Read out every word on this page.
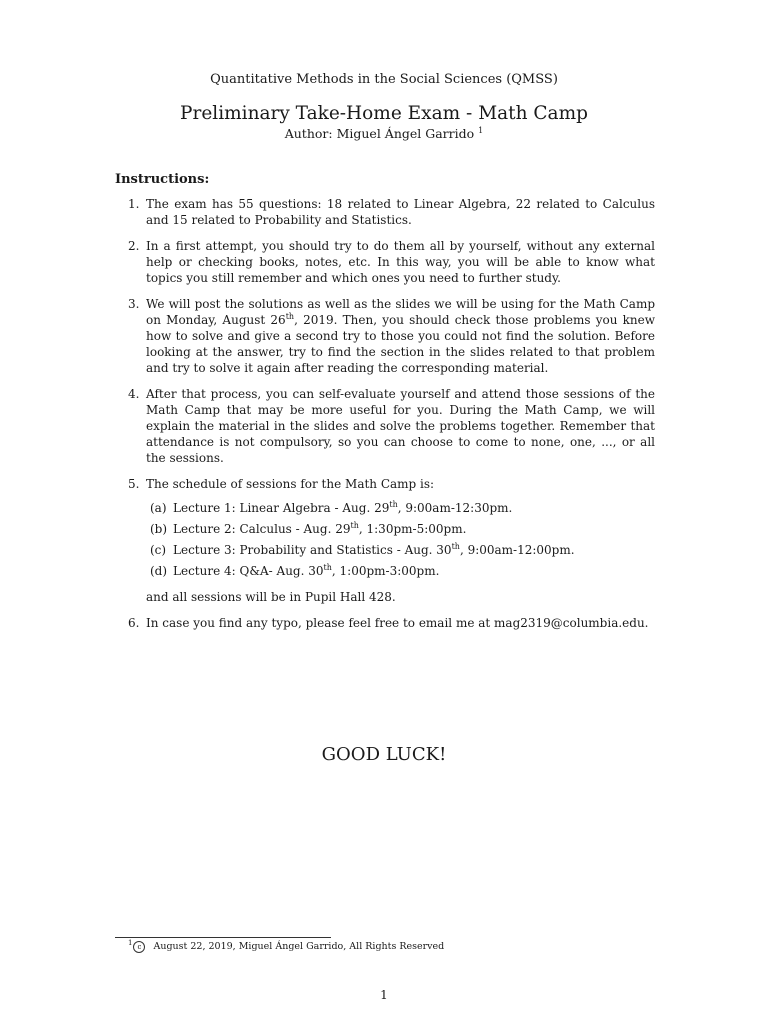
Quantitative Methods in the Social Sciences (QMSS)
Preliminary Take-Home Exam - Math Camp
Author: Miguel Ángel Garrido $^1$
Instructions:
1. The exam has 55 questions: 18 related to Linear Algebra, 22 related to Calculus and 15 related to Probability and Statistics.
2. In a first attempt, you should try to do them all by yourself, without any external help or checking books, notes, etc. In this way, you will be able to know what topics you still remember and which ones you need to further study.
3. We will post the solutions as well as the slides we will be using for the Math Camp on Monday, August 26th, 2019. Then, you should check those problems you knew how to solve and give a second try to those you could not find the solution. Before looking at the answer, try to find the section in the slides related to that problem and try to solve it again after reading the corresponding material.
4. After that process, you can self-evaluate yourself and attend those sessions of the Math Camp that may be more useful for you. During the Math Camp, we will explain the material in the slides and solve the problems together. Remember that attendance is not compulsory, so you can choose to come to none, one, ..., or all the sessions.
5. The schedule of sessions for the Math Camp is:
(a) Lecture 1: Linear Algebra - Aug. 29th, 9:00am-12:30pm.
(b) Lecture 2: Calculus - Aug. 29th, 1:30pm-5:00pm.
(c) Lecture 3: Probability and Statistics - Aug. 30th, 9:00am-12:00pm.
(d) Lecture 4: Q&A- Aug. 30th, 1:00pm-3:00pm.
and all sessions will be in Pupil Hall 428.
6. In case you find any typo, please feel free to email me at mag2319@columbia.edu.
GOOD LUCK!
$^1$ c August 22, 2019, Miguel Ángel Garrido, All Rights Reserved
1
